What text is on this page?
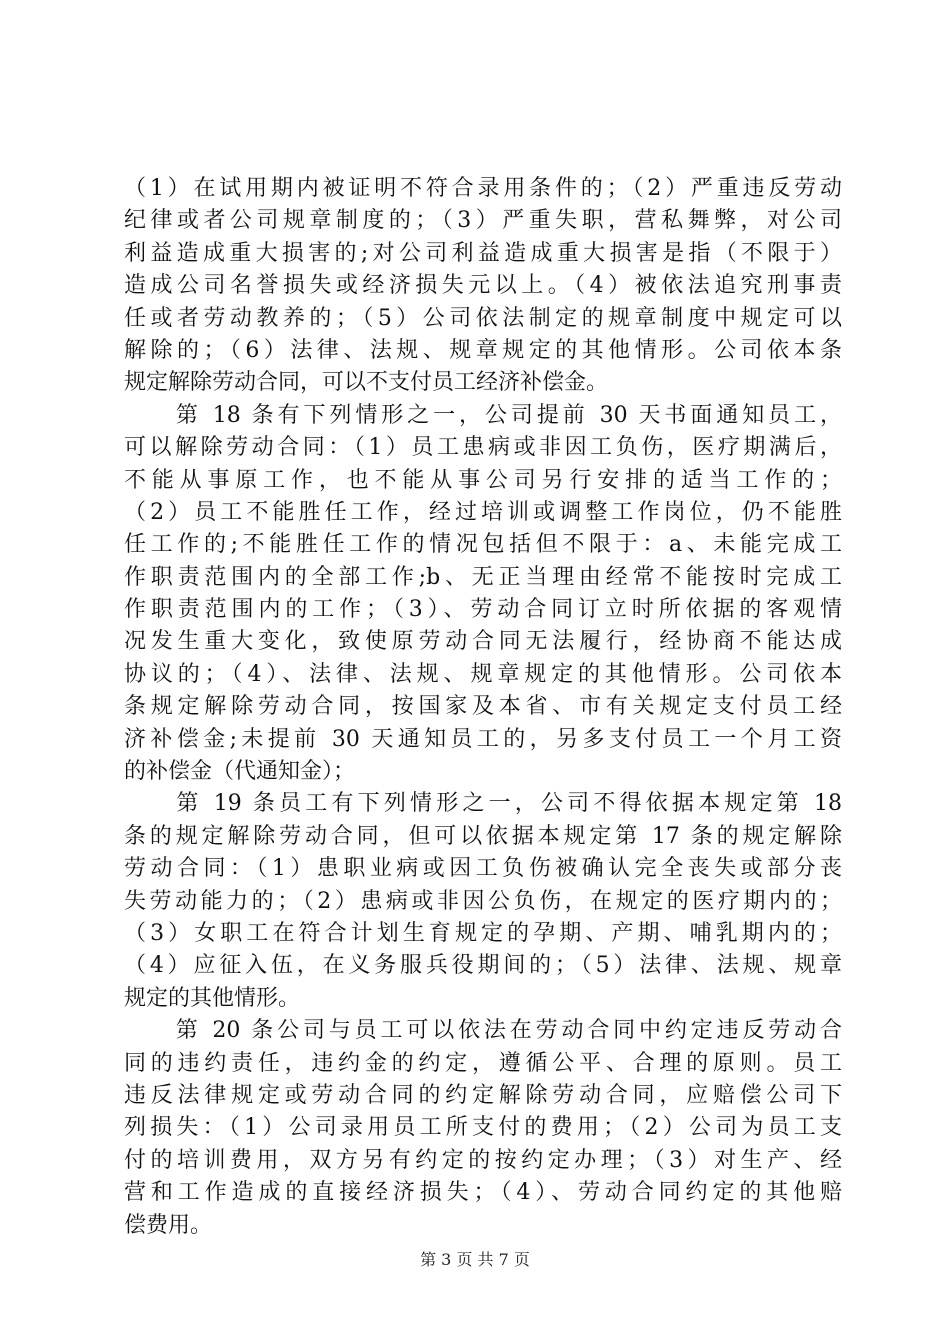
（1）在试用期内被证明不符合录用条件的；（2）严重违反劳动
纪律或者公司规章制度的；（3）严重失职，营私舞弊，对公司
利益造成重大损害的;对公司利益造成重大损害是指（不限于）
造成公司名誉损失或经济损失元以上。（4）被依法追究刑事责
任或者劳动教养的；（5）公司依法制定的规章制度中规定可以
解除的；（6）法律、法规、规章规定的其他情形。公司依本条
规定解除劳动合同，可以不支付员工经济补偿金。
　　第 18 条有下列情形之一，公司提前 30 天书面通知员工，
可以解除劳动合同：（1）员工患病或非因工负伤，医疗期满后，
不能从事原工作，也不能从事公司另行安排的适当工作的；
（2）员工不能胜任工作，经过培训或调整工作岗位，仍不能胜
任工作的;不能胜任工作的情况包括但不限于：a、未能完成工
作职责范围内的全部工作;b、无正当理由经常不能按时完成工
作职责范围内的工作；（3）、劳动合同订立时所依据的客观情
况发生重大变化，致使原劳动合同无法履行，经协商不能达成
协议的；（4）、法律、法规、规章规定的其他情形。公司依本
条规定解除劳动合同，按国家及本省、市有关规定支付员工经
济补偿金;未提前 30 天通知员工的，另多支付员工一个月工资
的补偿金（代通知金）；
　　第 19 条员工有下列情形之一，公司不得依据本规定第 18
条的规定解除劳动合同，但可以依据本规定第 17 条的规定解除
劳动合同：（1）患职业病或因工负伤被确认完全丧失或部分丧
失劳动能力的；（2）患病或非因公负伤，在规定的医疗期内的；
（3）女职工在符合计划生育规定的孕期、产期、哺乳期内的；
（4）应征入伍，在义务服兵役期间的；（5）法律、法规、规章
规定的其他情形。
　　第 20 条公司与员工可以依法在劳动合同中约定违反劳动合
同的违约责任，违约金的约定，遵循公平、合理的原则。员工
违反法律规定或劳动合同的约定解除劳动合同，应赔偿公司下
列损失：（1）公司录用员工所支付的费用；（2）公司为员工支
付的培训费用，双方另有约定的按约定办理；（3）对生产、经
营和工作造成的直接经济损失；（4）、劳动合同约定的其他赔
偿费用。
第 3 页 共 7 页
